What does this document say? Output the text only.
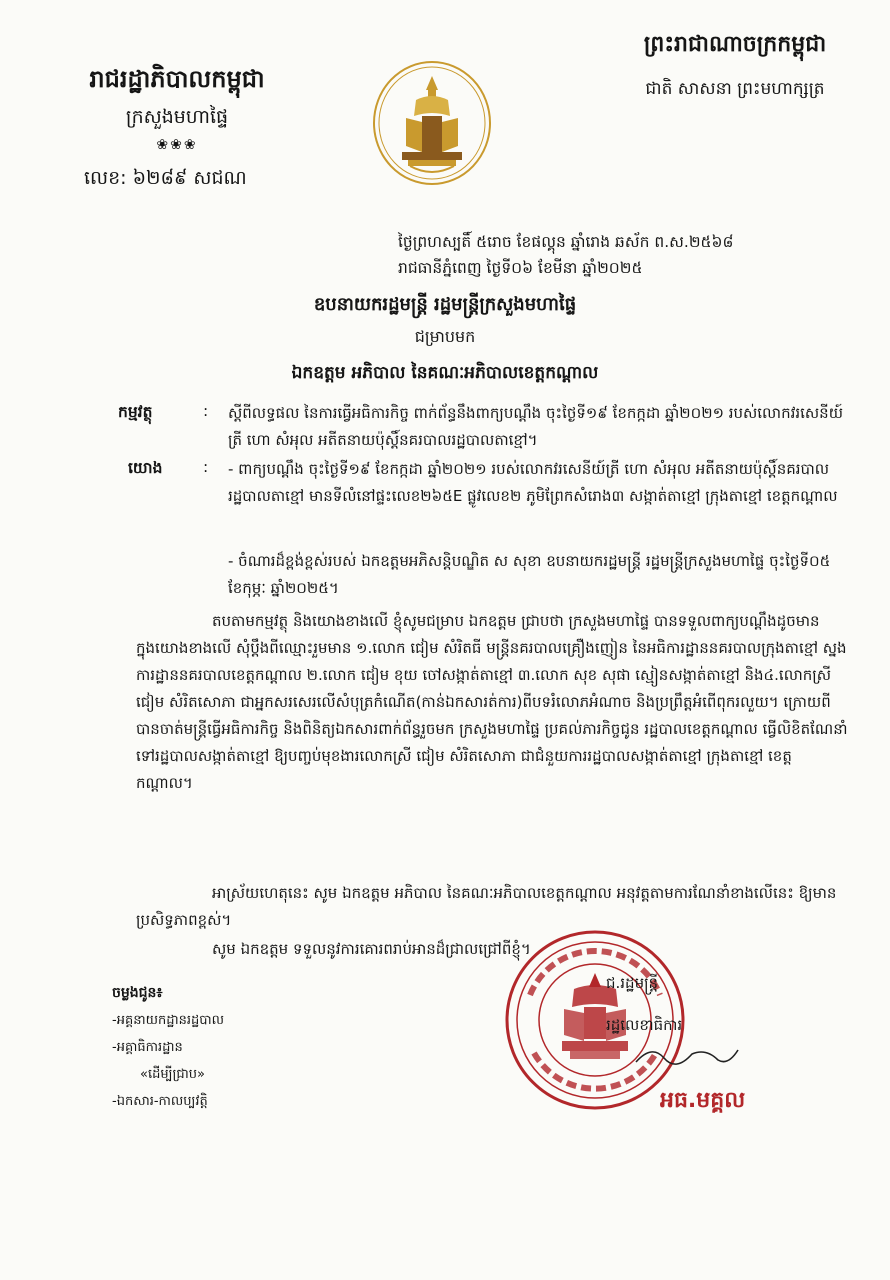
រាជរដ្ឋាភិបាលកម្ពុជា
ក្រសួងមហាផ្ទៃ
❀❀❀
លេខ: ៦២៨៩ សជណ
ព្រះរាជាណាចក្រកម្ពុជា
ជាតិ សាសនា ព្រះមហាក្សត្រ
ថ្ងៃព្រហស្បតិ៍ ៥រោច ខែផល្គុន ឆ្នាំរោង ឆស័ក ព.ស.២៥៦៨
រាជធានីភ្នំពេញ ថ្ងៃទី០៦ ខែមីនា ឆ្នាំ២០២៥
ឧបនាយករដ្ឋមន្ត្រី រដ្ឋមន្ត្រីក្រសួងមហាផ្ទៃ
ជម្រាបមក
ឯកឧត្តម អភិបាល នៃគណៈអភិបាលខេត្តកណ្ដាល
កម្មវត្ថុ	: ស្ដីពីលទ្ធផល នៃការធ្វើអធិការកិច្ច ពាក់ព័ន្ធនឹងពាក្យបណ្ដឹង ចុះថ្ងៃទី១៩ ខែកក្កដា ឆ្នាំ២០២១ របស់លោកវរសេនីយ៍ត្រី ហោ សំអុល អតីតនាយប៉ុស្ដិ៍នគរបាលរដ្ឋបាលតាខ្មៅ។
យោង	: - ពាក្យបណ្ដឹង ចុះថ្ងៃទី១៩ ខែកក្កដា ឆ្នាំ២០២១ របស់លោកវរសេនីយ៍ត្រី ហោ សំអុល អតីតនាយប៉ុស្ដិ៍នគរបាលរដ្ឋបាលតាខ្មៅ មានទីលំនៅផ្ទះលេខ២៦៥E ផ្លូវលេខ២ ភូមិព្រែកសំរោង៣ សង្កាត់តាខ្មៅ ក្រុងតាខ្មៅ ខេត្តកណ្ដាល
- ចំណារដ៏ខ្ពង់ខ្ពស់របស់ ឯកឧត្តមអភិសន្ដិបណ្ឌិត ស សុខា ឧបនាយករដ្ឋមន្ត្រី រដ្ឋមន្ត្រីក្រសួងមហាផ្ទៃ ចុះថ្ងៃទី០៥ ខែកុម្ភៈ ឆ្នាំ២០២៥។
តបតាមកម្មវត្ថុ និងយោងខាងលើ ខ្ញុំសូមជម្រាប ឯកឧត្តម ជ្រាបថា ក្រសួងមហាផ្ទៃ បានទទួលពាក្យបណ្ដឹងដូចមានក្នុងយោងខាងលើ សុំប្ដឹងពីឈ្មោះរួមមាន ១.លោក ជៀម សំរិតធី មន្ត្រីនគរបាលគ្រឿងញៀន នៃអធិការដ្ឋាននគរបាលក្រុងតាខ្មៅ ស្នងការដ្ឋាននគរបាលខេត្តកណ្ដាល ២.លោក ជៀម ខុយ ចៅសង្កាត់តាខ្មៅ ៣.លោក សុខ សុផា ស្មៀនសង្កាត់តាខ្មៅ និង៤.លោកស្រី ជៀម សំរិតសោភា ជាអ្នកសរសេរលើសំបុត្រកំណើត(កាន់ឯកសារត់ការ)ពីបទរំលោភអំណាច និងប្រព្រឹត្តអំពើពុករលួយ។ ក្រោយពីបានចាត់មន្ត្រីធ្វើអធិការកិច្ច និងពិនិត្យឯកសារពាក់ព័ន្ធរួចមក ក្រសួងមហាផ្ទៃ ប្រគល់ភារកិច្ចជូន រដ្ឋបាលខេត្តកណ្ដាល ធ្វើលិខិតណែនាំទៅរដ្ឋបាលសង្កាត់តាខ្មៅ ឱ្យបញ្ចប់មុខងារលោកស្រី ជៀម សំរិតសោភា ជាជំនួយការរដ្ឋបាលសង្កាត់តាខ្មៅ ក្រុងតាខ្មៅ ខេត្តកណ្ដាល។
អាស្រ័យហេតុនេះ សូម ឯកឧត្តម អភិបាល នៃគណៈអភិបាលខេត្តកណ្ដាល អនុវត្តតាមការណែនាំខាងលើនេះ ឱ្យមានប្រសិទ្ធភាពខ្ពស់។
សូម ឯកឧត្តម ទទួលនូវការគោរពរាប់អានដ៏ជ្រាលជ្រៅពីខ្ញុំ។
ជ.រដ្ឋមន្ត្រី
រដ្ឋលេខាធិការ
អធ.មគ្គល
ចម្លងជូន៖
-អគ្គនាយកដ្ឋានរដ្ឋបាល
-អគ្គាធិការដ្ឋាន
«ដើម្បីជ្រាប»
-ឯកសារ-កាលប្បវត្តិ
